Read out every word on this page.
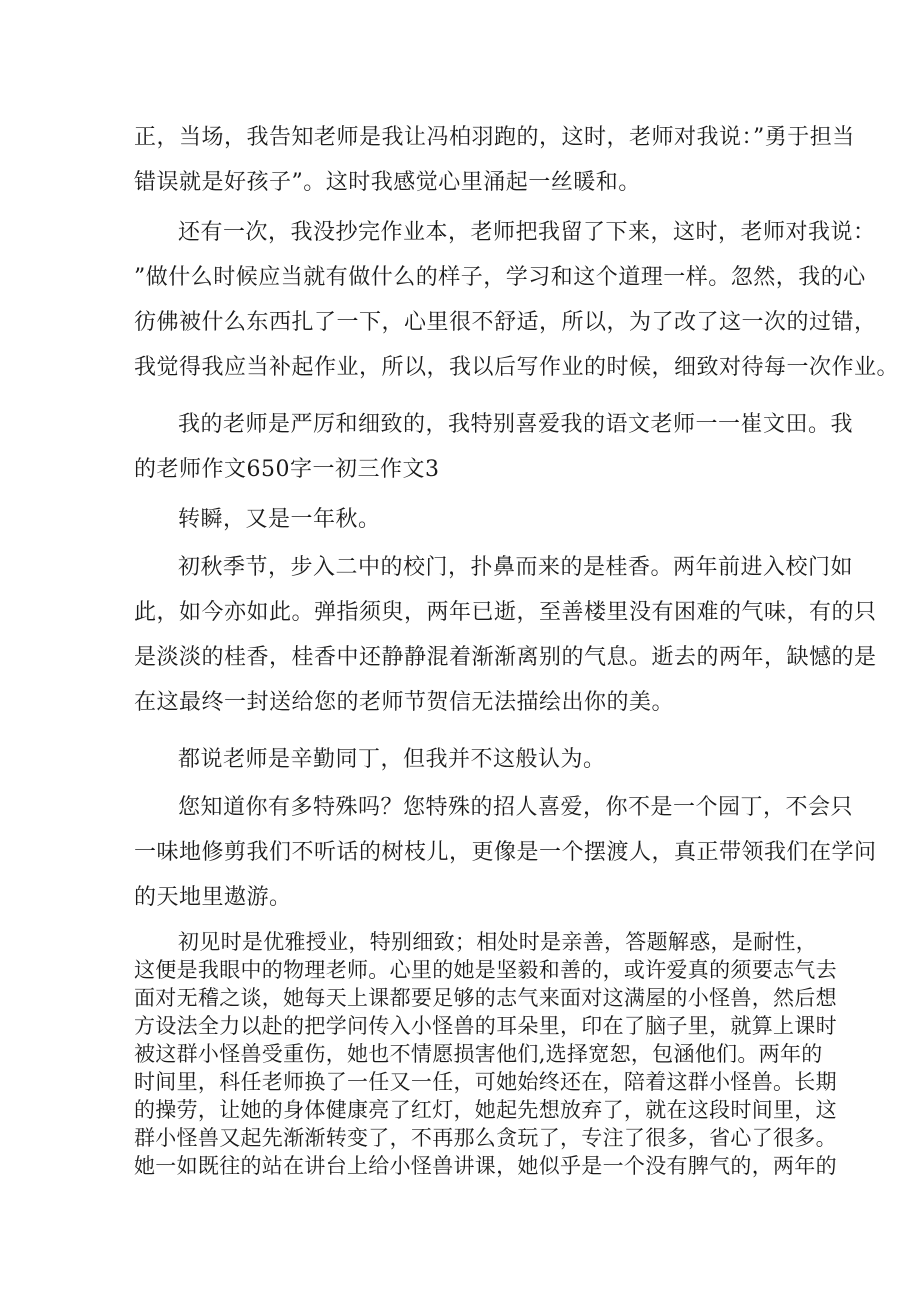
正，当场，我告知老师是我让冯柏羽跑的，这时，老师对我说：”勇于担当
错误就是好孩子”。这时我感觉心里涌起一丝暖和。
还有一次，我没抄完作业本，老师把我留了下来，这时，老师对我说：
”做什么时候应当就有做什么的样子，学习和这个道理一样。忽然，我的心
彷佛被什么东西扎了一下，心里很不舒适，所以，为了改了这一次的过错，
我觉得我应当补起作业，所以，我以后写作业的时候，细致对待每一次作业。
我的老师是严厉和细致的，我特别喜爱我的语文老师一一崔文田。我
的老师作文650字一初三作文3
转瞬，又是一年秋。
初秋季节，步入二中的校门，扑鼻而来的是桂香。两年前进入校门如
此，如今亦如此。弹指须臾，两年已逝，至善楼里没有困难的气味，有的只
是淡淡的桂香，桂香中还静静混着渐渐离别的气息。逝去的两年，缺憾的是
在这最终一封送给您的老师节贺信无法描绘出你的美。
都说老师是辛勤同丁，但我并不这般认为。
您知道你有多特殊吗？您特殊的招人喜爱，你不是一个园丁，不会只
一味地修剪我们不听话的树枝儿，更像是一个摆渡人，真正带领我们在学问
的天地里遨游。
初见时是优雅授业，特别细致；相处时是亲善，答题解惑，是耐性，
这便是我眼中的物理老师。心里的她是坚毅和善的，或许爱真的须要志气去
面对无稽之谈，她每天上课都要足够的志气来面对这满屋的小怪兽，然后想
方设法全力以赴的把学问传入小怪兽的耳朵里，印在了脑子里，就算上课时
被这群小怪兽受重伤，她也不情愿损害他们,选择宽恕，包涵他们。两年的
时间里，科任老师换了一任又一任，可她始终还在，陪着这群小怪兽。长期
的操劳，让她的身体健康亮了红灯，她起先想放弃了，就在这段时间里，这
群小怪兽又起先渐渐转变了，不再那么贪玩了，专注了很多，省心了很多。
她一如既往的站在讲台上给小怪兽讲课，她似乎是一个没有脾气的，两年的
